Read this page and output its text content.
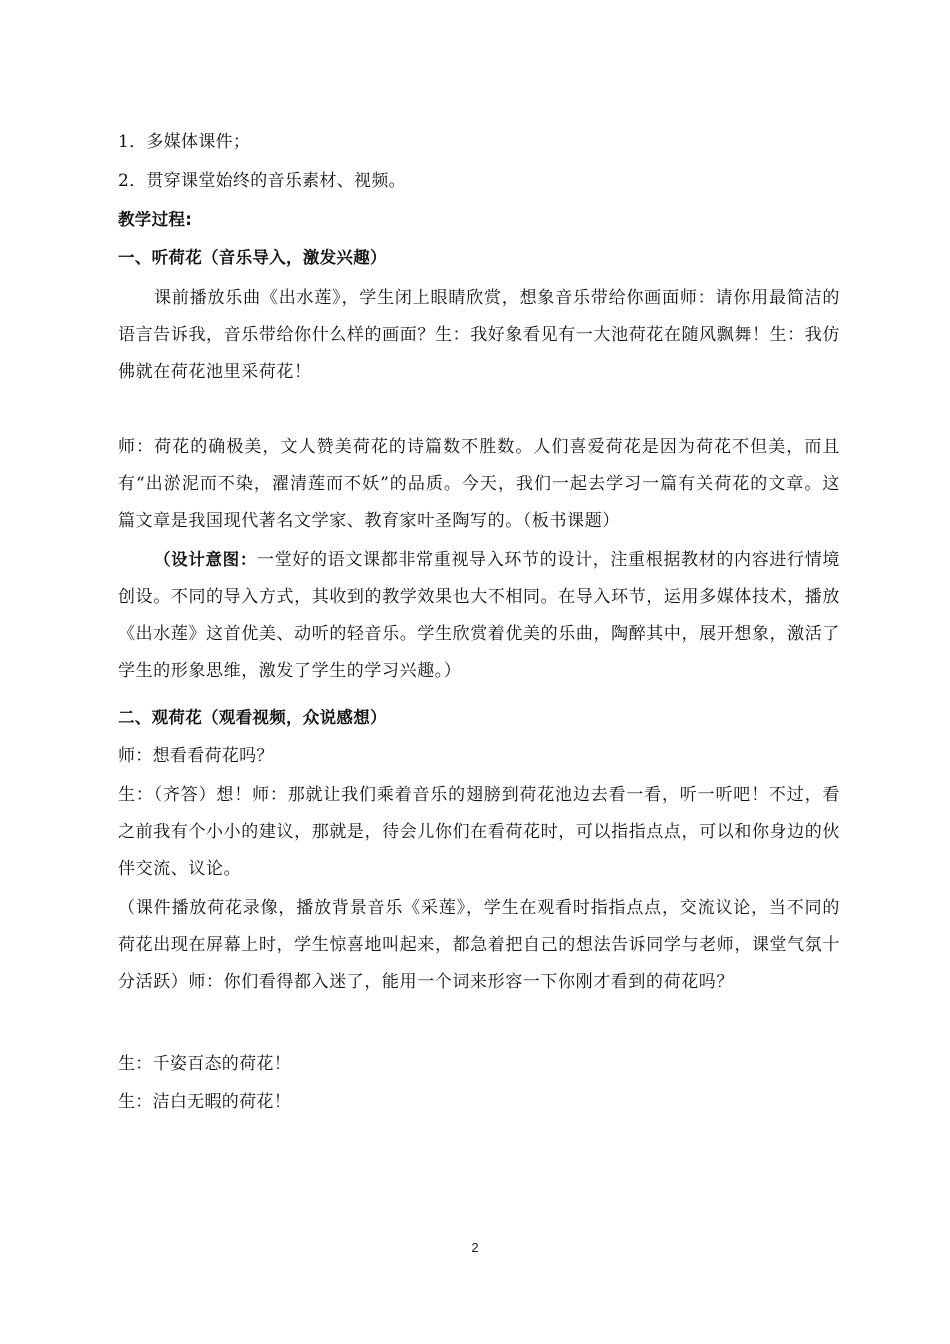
1．多媒体课件；
2．贯穿课堂始终的音乐素材、视频。
教学过程:
一、听荷花（音乐导入，激发兴趣）
课前播放乐曲《出水莲》，学生闭上眼睛欣赏，想象音乐带给你画面师：请你用最简洁的语言告诉我，音乐带给你什么样的画面？生：我好象看见有一大池荷花在随风飘舞！生：我仿佛就在荷花池里采荷花！
师：荷花的确极美，文人赞美荷花的诗篇数不胜数。人们喜爱荷花是因为荷花不但美，而且有“出淤泥而不染，濯清莲而不妖”的品质。今天，我们一起去学习一篇有关荷花的文章。这篇文章是我国现代著名文学家、教育家叶圣陶写的。（板书课题）
（设计意图：一堂好的语文课都非常重视导入环节的设计，注重根据教材的内容进行情境创设。不同的导入方式，其收到的教学效果也大不相同。在导入环节，运用多媒体技术，播放《出水莲》这首优美、动听的轻音乐。学生欣赏着优美的乐曲，陶醉其中，展开想象，激活了学生的形象思维，激发了学生的学习兴趣。）
二、观荷花（观看视频，众说感想）
师：想看看荷花吗？
生：（齐答）想！师：那就让我们乘着音乐的翅膀到荷花池边去看一看，听一听吧！不过，看之前我有个小小的建议，那就是，待会儿你们在看荷花时，可以指指点点，可以和你身边的伙伴交流、议论。
（课件播放荷花录像，播放背景音乐《采莲》，学生在观看时指指点点，交流议论，当不同的荷花出现在屏幕上时，学生惊喜地叫起来，都急着把自己的想法告诉同学与老师，课堂气氛十分活跃）师：你们看得都入迷了，能用一个词来形容一下你刚才看到的荷花吗？
生：千姿百态的荷花！
生：洁白无暇的荷花！
2
